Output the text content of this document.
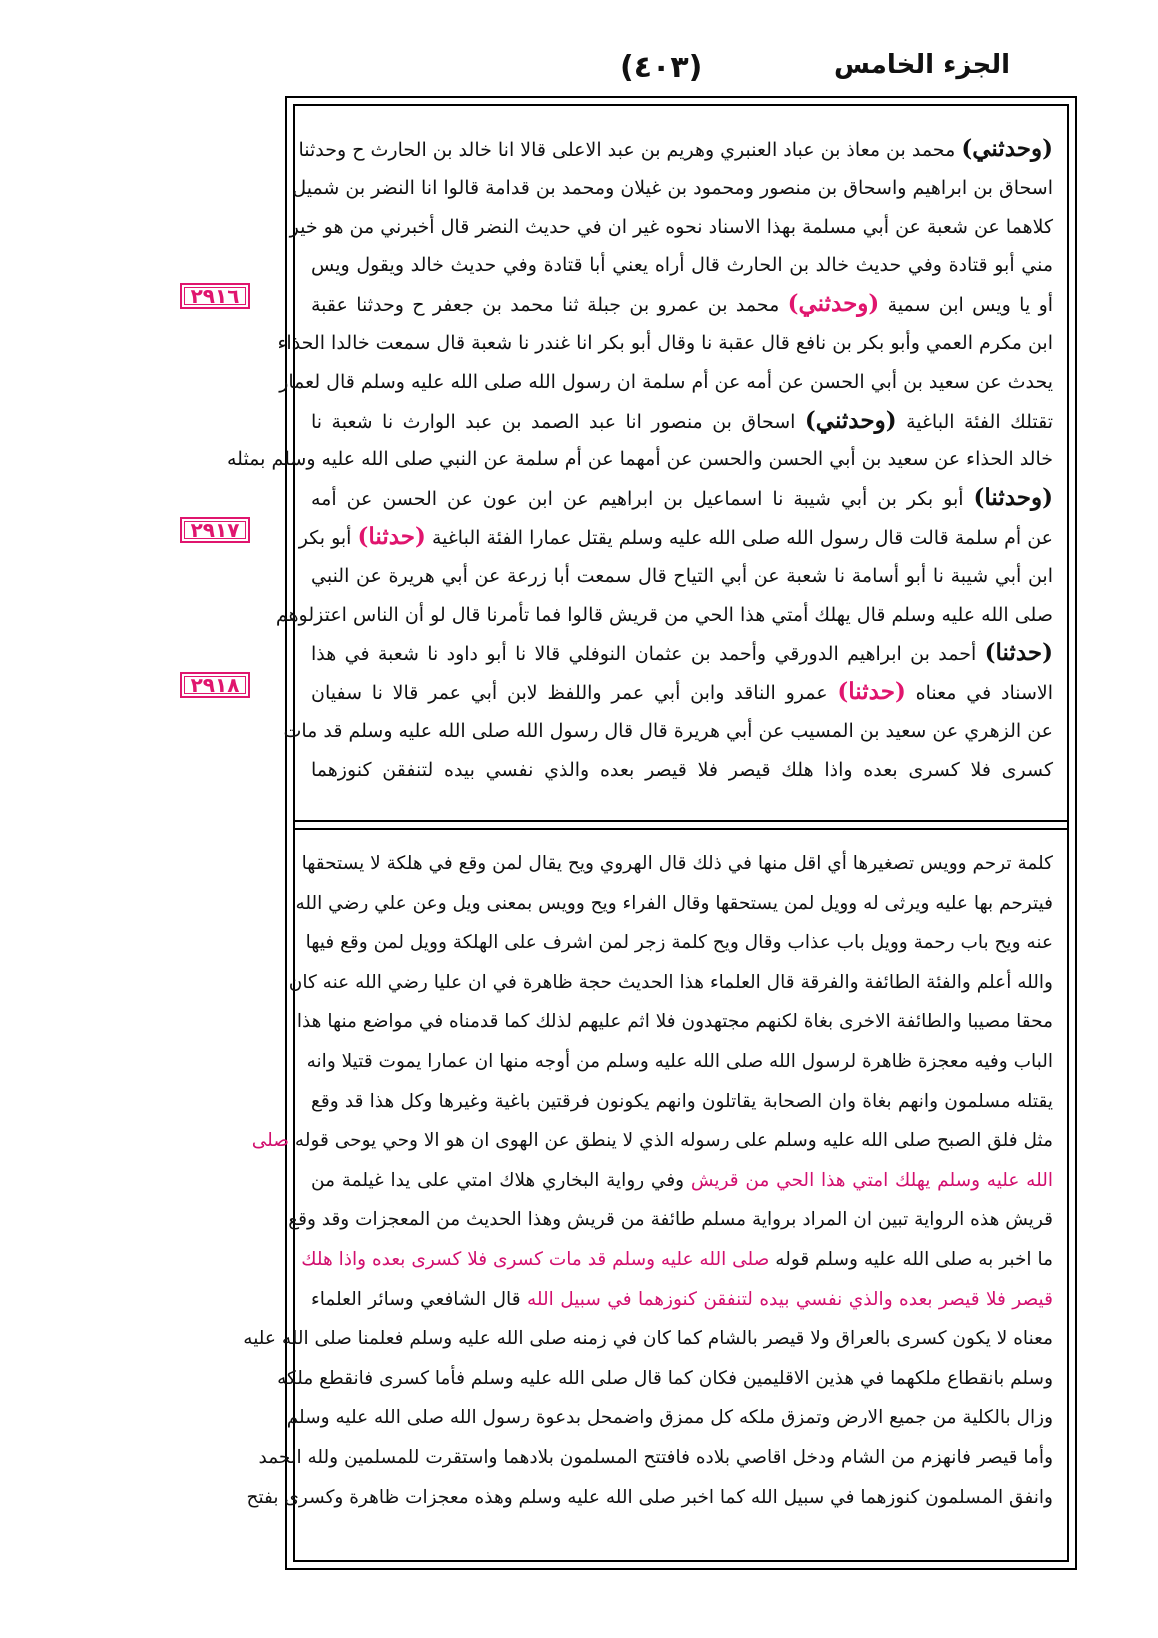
(٤٠٣)	الجزء الخامس
٢٩١٦
٢٩١٧
٢٩١٨
(وحدثني) محمد بن معاذ بن عباد العنبري وهريم بن عبد الاعلى قالا انا خالد بن الحارث ح وحدثنا
اسحاق بن ابراهيم واسحاق بن منصور ومحمود بن غيلان ومحمد بن قدامة قالوا انا النضر بن شميل
كلاهما عن شعبة عن أبي مسلمة بهذا الاسناد نحوه غير ان في حديث النضر قال أخبرني من هو خير
مني أبو قتادة وفي حديث خالد بن الحارث قال أراه يعني أبا قتادة وفي حديث خالد ويقول ويس
أو يا ويس ابن سمية (وحدثني) محمد بن عمرو بن جبلة ثنا محمد بن جعفر ح وحدثنا عقبة
ابن مكرم العمي وأبو بكر بن نافع قال عقبة نا وقال أبو بكر انا غندر نا شعبة قال سمعت خالدا الحذاء
يحدث عن سعيد بن أبي الحسن عن أمه عن أم سلمة ان رسول الله صلى الله عليه وسلم قال لعمار
تقتلك الفئة الباغية (وحدثني) اسحاق بن منصور انا عبد الصمد بن عبد الوارث نا شعبة نا
خالد الحذاء عن سعيد بن أبي الحسن والحسن عن أمهما عن أم سلمة عن النبي صلى الله عليه وسلم بمثله
(وحدثنا) أبو بكر بن أبي شيبة نا اسماعيل بن ابراهيم عن ابن عون عن الحسن عن أمه
عن أم سلمة قالت قال رسول الله صلى الله عليه وسلم يقتل عمارا الفئة الباغية (حدثنا) أبو بكر
ابن أبي شيبة نا أبو أسامة نا شعبة عن أبي التياح قال سمعت أبا زرعة عن أبي هريرة عن النبي
صلى الله عليه وسلم قال يهلك أمتي هذا الحي من قريش قالوا فما تأمرنا قال لو أن الناس اعتزلوهم
(حدثنا) أحمد بن ابراهيم الدورقي وأحمد بن عثمان النوفلي قالا نا أبو داود نا شعبة في هذا
الاسناد في معناه (حدثنا) عمرو الناقد وابن أبي عمر واللفظ لابن أبي عمر قالا نا سفيان
عن الزهري عن سعيد بن المسيب عن أبي هريرة قال قال رسول الله صلى الله عليه وسلم قد مات
كسرى فلا كسرى بعده واذا هلك قيصر فلا قيصر بعده والذي نفسي بيده لتنفقن كنوزهما
كلمة ترحم وويس تصغيرها أي اقل منها في ذلك قال الهروي ويح يقال لمن وقع في هلكة لا يستحقها
فيترحم بها عليه ويرثى له وويل لمن يستحقها وقال الفراء ويح وويس بمعنى ويل وعن علي رضي الله
عنه ويح باب رحمة وويل باب عذاب وقال ويح كلمة زجر لمن اشرف على الهلكة وويل لمن وقع فيها
والله أعلم والفئة الطائفة والفرقة قال العلماء هذا الحديث حجة ظاهرة في ان عليا رضي الله عنه كان
محقا مصيبا والطائفة الاخرى بغاة لكنهم مجتهدون فلا اثم عليهم لذلك كما قدمناه في مواضع منها هذا
الباب وفيه معجزة ظاهرة لرسول الله صلى الله عليه وسلم من أوجه منها ان عمارا يموت قتيلا وانه
يقتله مسلمون وانهم بغاة وان الصحابة يقاتلون وانهم يكونون فرقتين باغية وغيرها وكل هذا قد وقع
مثل فلق الصبح صلى الله عليه وسلم على رسوله الذي لا ينطق عن الهوى ان هو الا وحي يوحى قوله صلى
الله عليه وسلم يهلك امتي هذا الحي من قريش وفي رواية البخاري هلاك امتي على يدا غيلمة من
قريش هذه الرواية تبين ان المراد برواية مسلم طائفة من قريش وهذا الحديث من المعجزات وقد وقع
ما اخبر به صلى الله عليه وسلم قوله صلى الله عليه وسلم قد مات كسرى فلا كسرى بعده واذا هلك
قيصر فلا قيصر بعده والذي نفسي بيده لتنفقن كنوزهما في سبيل الله قال الشافعي وسائر العلماء
معناه لا يكون كسرى بالعراق ولا قيصر بالشام كما كان في زمنه صلى الله عليه وسلم فعلمنا صلى الله عليه
وسلم بانقطاع ملكهما في هذين الاقليمين فكان كما قال صلى الله عليه وسلم فأما كسرى فانقطع ملكه
وزال بالكلية من جميع الارض وتمزق ملكه كل ممزق واضمحل بدعوة رسول الله صلى الله عليه وسلم
وأما قيصر فانهزم من الشام ودخل اقاصي بلاده فافتتح المسلمون بلادهما واستقرت للمسلمين ولله الحمد
وانفق المسلمون كنوزهما في سبيل الله كما اخبر صلى الله عليه وسلم وهذه معجزات ظاهرة وكسرى بفتح
